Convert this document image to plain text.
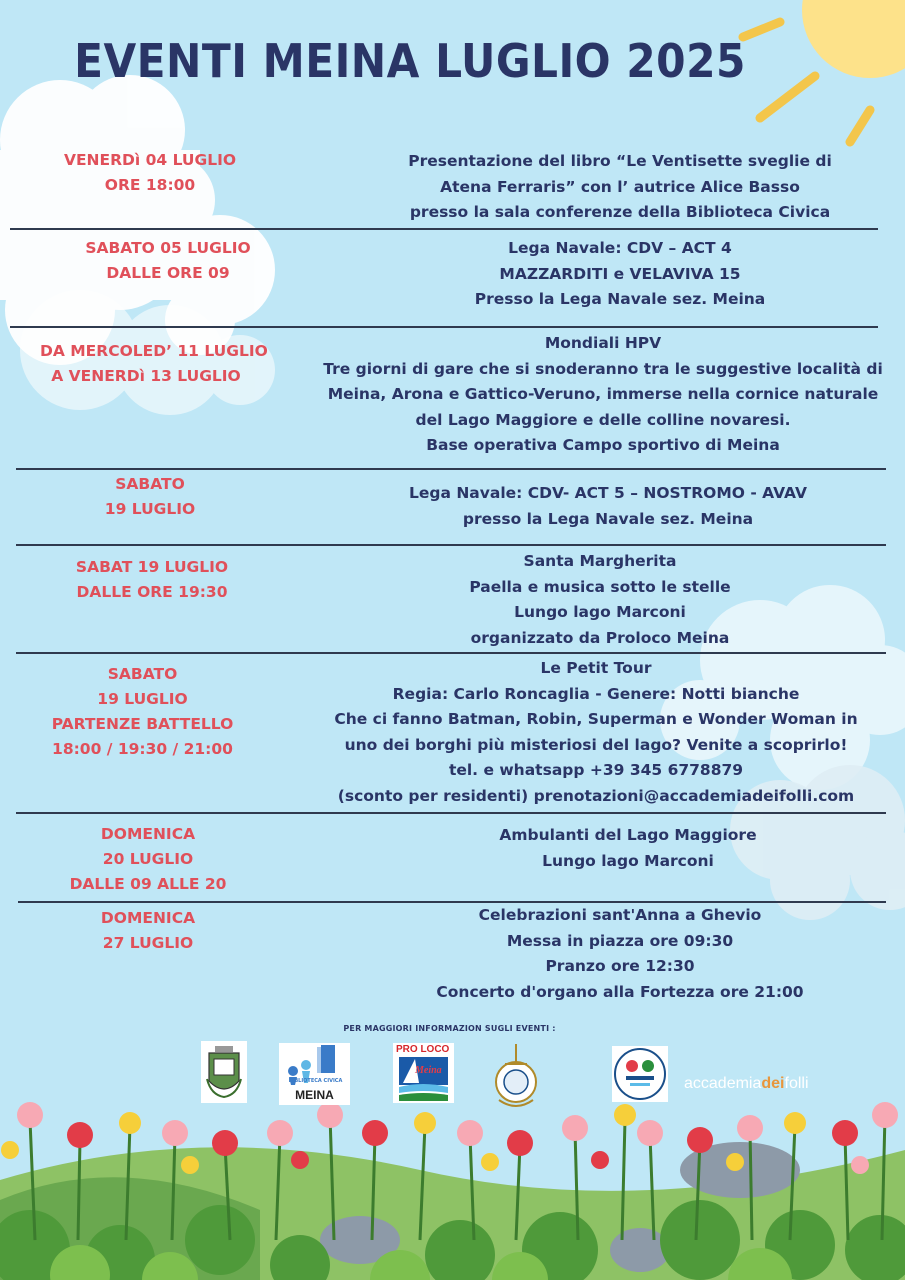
EVENTI MEINA LUGLIO 2025
VENERDì 04 LUGLIO
ORE 18:00
Presentazione del libro “Le Ventisette sveglie di
Atena Ferraris” con l’ autrice Alice Basso
presso la sala conferenze della Biblioteca Civica
SABATO 05 LUGLIO
DALLE ORE 09
Lega Navale: CDV – ACT 4
MAZZARDITI e VELAVIVA 15
Presso la Lega Navale sez. Meina
DA MERCOLED’ 11 LUGLIO
A VENERDì 13 LUGLIO
Mondiali HPV
Tre giorni di gare che si snoderanno tra le suggestive località di
Meina, Arona e Gattico-Veruno, immerse nella cornice naturale
del Lago Maggiore e delle colline novaresi.
Base operativa Campo sportivo di Meina
SABATO
19 LUGLIO
Lega Navale: CDV- ACT 5 – NOSTROMO - AVAV
presso la Lega Navale sez. Meina
SABAT 19 LUGLIO
DALLE ORE 19:30
Santa Margherita
Paella e musica sotto le stelle
Lungo lago Marconi
organizzato da Proloco Meina
SABATO
19 LUGLIO
PARTENZE BATTELLO
18:00 / 19:30 / 21:00
Le Petit Tour
Regia: Carlo Roncaglia - Genere: Notti bianche
Che ci fanno Batman, Robin, Superman e Wonder Woman in
uno dei borghi più misteriosi del lago? Venite a scoprirlo!
tel. e whatsapp +39 345 6778879
(sconto per residenti) prenotazioni@accademiadeifolli.com
DOMENICA
20 LUGLIO
DALLE 09 ALLE 20
Ambulanti del Lago Maggiore
Lungo lago Marconi
DOMENICA
27 LUGLIO
Celebrazioni sant'Anna a Ghevio
Messa in piazza ore 09:30
Pranzo ore 12:30
Concerto d'organo alla Fortezza ore 21:00
PER MAGGIORI INFORMAZION SUGLI EVENTI :
BIBLIOTECA CIVICA
MEINA
PRO LOCO
Meina
accademiadeifolli
